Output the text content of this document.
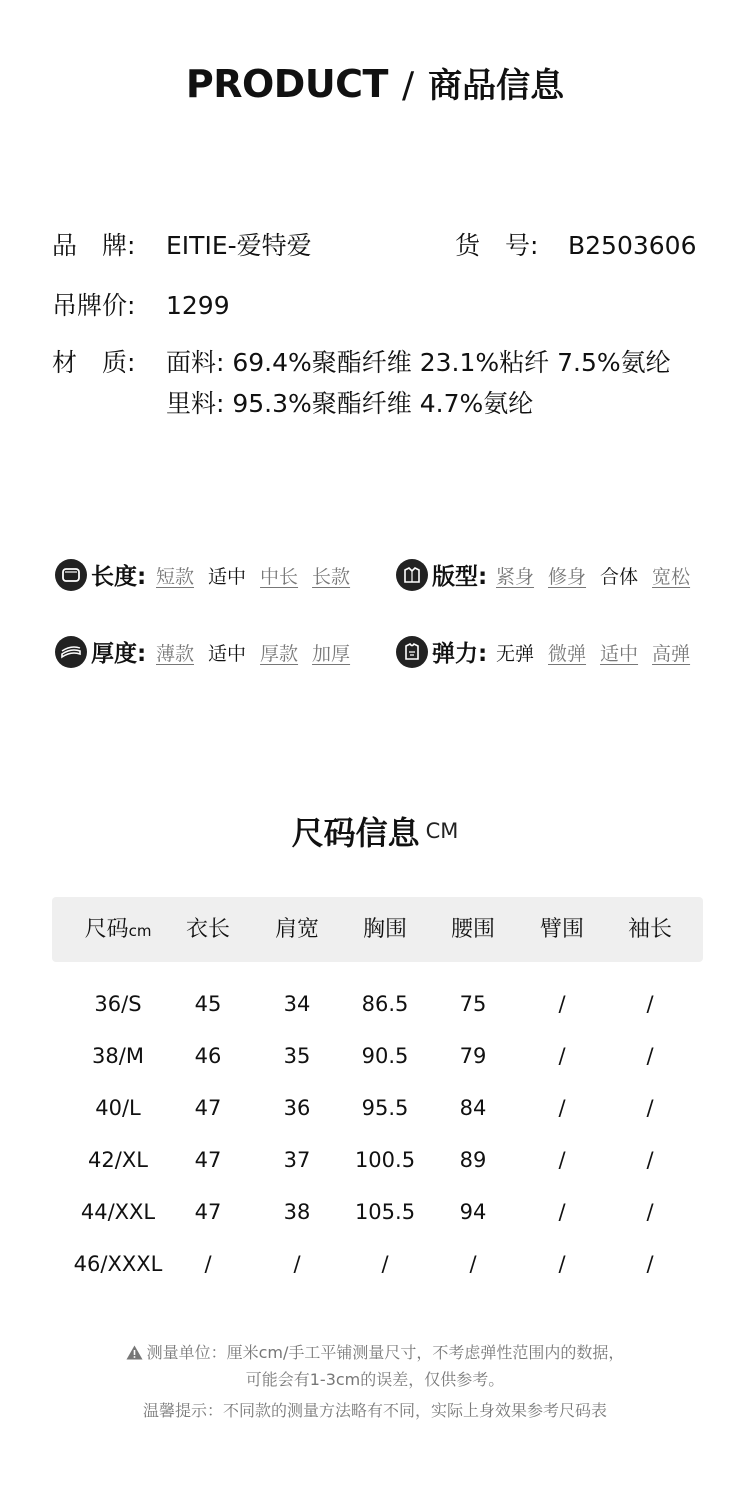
PRODUCT / 商品信息
品　牌: EITIE-爱特爱	货　号: B2503606
吊牌价: 1299
材　质: 面料: 69.4%聚酯纤维 23.1%粘纤 7.5%氨纶
里料: 95.3%聚酯纤维 4.7%氨纶
长度: 短款 适中 中长 长款	版型: 紧身 修身 合体 宽松
厚度: 薄款 适中 厚款 加厚	弹力: 无弹 微弹 适中 高弹
尺码信息 CM
尺码cm	衣长	肩宽	胸围	腰围	臂围	袖长
36/S	45	34	86.5	75	/	/
38/M	46	35	90.5	79	/	/
40/L	47	36	95.5	84	/	/
42/XL	47	37	100.5	89	/	/
44/XXL	47	38	105.5	94	/	/
46/XXXL	/	/	/	/	/	/
测量单位：厘米cm/手工平铺测量尺寸，不考虑弹性范围内的数据，
可能会有1-3cm的误差，仅供参考。
温馨提示：不同款的测量方法略有不同，实际上身效果参考尺码表
